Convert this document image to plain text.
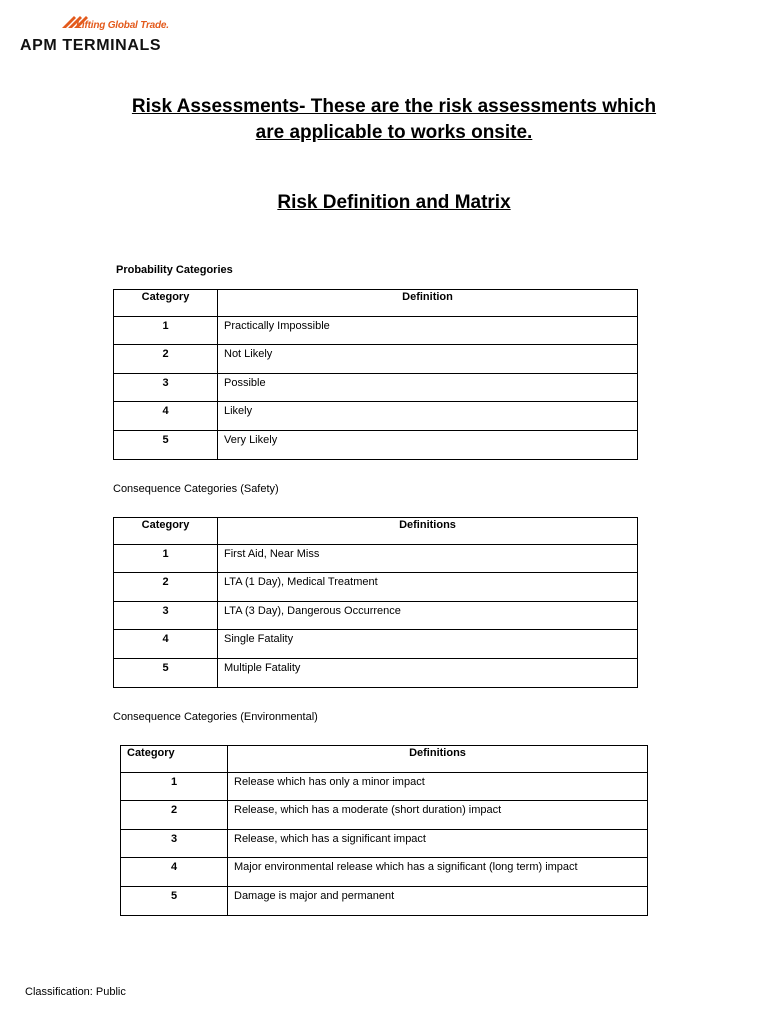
Lifting Global Trade.
APM TERMINALS
Risk Assessments- These are the risk assessments which
are applicable to works onsite.
Risk Definition and Matrix
Probability Categories
Category	Definition
1	Practically Impossible
2	Not Likely
3	Possible
4	Likely
5	Very Likely
Consequence Categories (Safety)
Category	Definitions
1	First Aid, Near Miss
2	LTA (1 Day), Medical Treatment
3	LTA (3 Day), Dangerous Occurrence
4	Single Fatality
5	Multiple Fatality
Consequence Categories (Environmental)
Category	Definitions
1	Release which has only a minor impact
2	Release, which has a moderate (short duration) impact
3	Release, which has a significant impact
4	Major environmental release which has a significant (long term) impact
5	Damage is major and permanent
Classification: Public
